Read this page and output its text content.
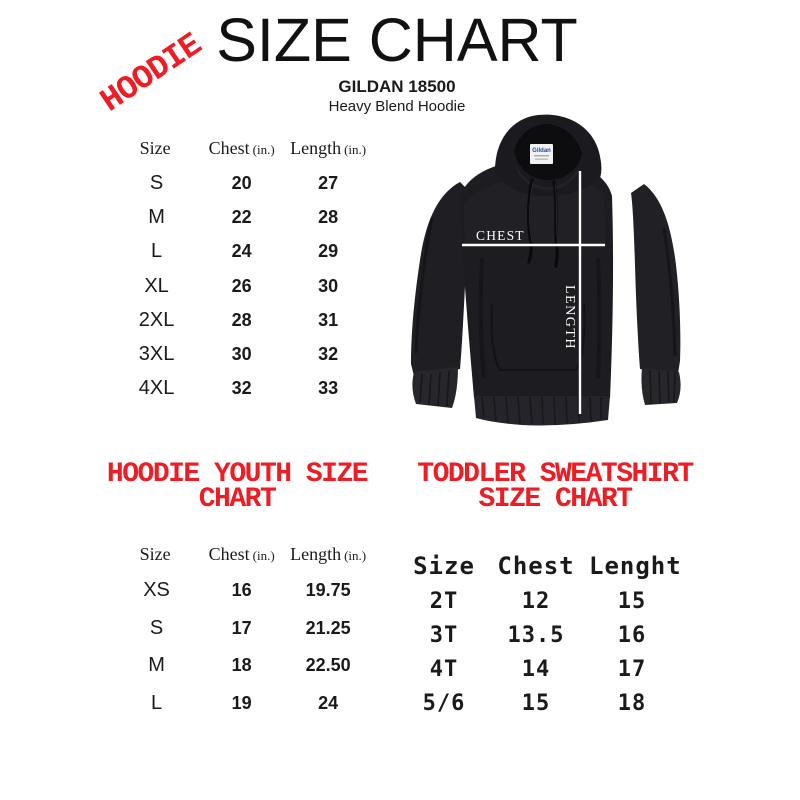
HOODIE SIZE CHART
GILDAN 18500
Heavy Blend Hoodie
Size	Chest (in.) Length (in.)
S	20	27
M	22	28
L	24	29
XL	26	30
2XL	28	31
3XL	30	32
4XL	32	33
Gildan
CHEST
LENGTH
HOODIE YOUTH SIZE
CHART
Size	Chest (in.) Length (in.)
XS	16	19.75
S	17	21.25
M	18	22.50
L	19	24
TODDLER SWEATSHIRT
SIZE CHART
Size Chest Lenght
2T	12	15
3T	13.5	16
4T	14	17
5/6	15	18
